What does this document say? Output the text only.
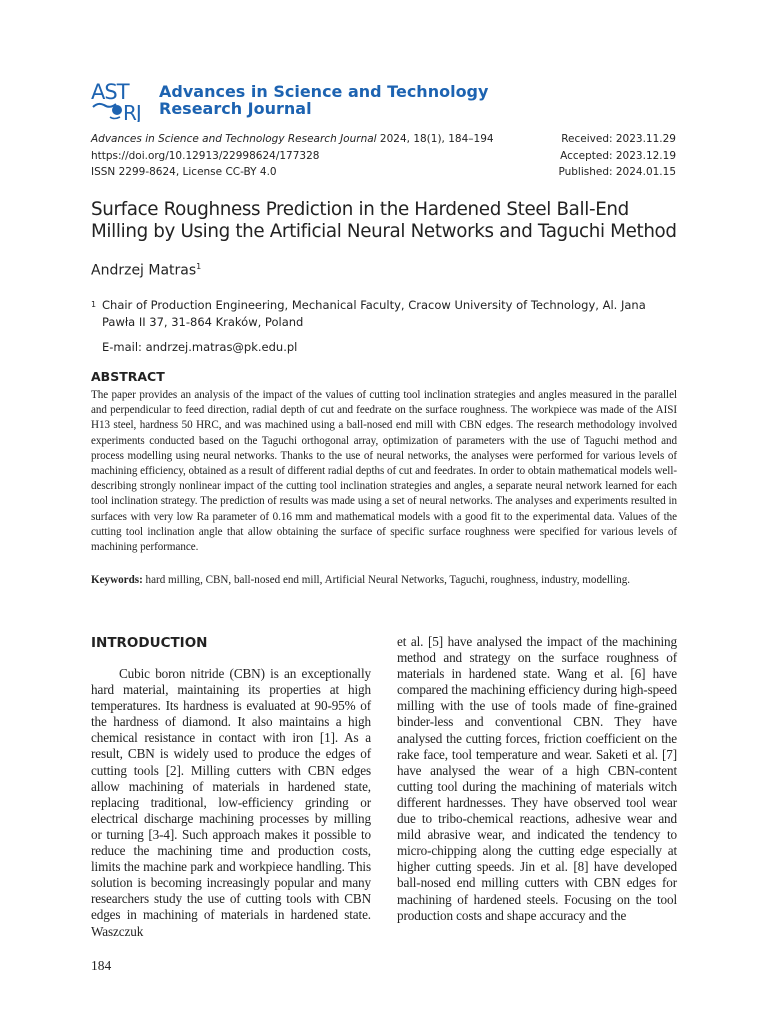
AST
RJ
Advances in Science and Technology
Research Journal
Advances in Science and Technology Research Journal 2024, 18(1), 184–194
https://doi.org/10.12913/22998624/177328
ISSN 2299-8624, License CC-BY 4.0
Received: 2023.11.29
Accepted: 2023.12.19
Published: 2024.01.15
Surface Roughness Prediction in the Hardened Steel Ball-End Milling by Using the Artificial Neural Networks and Taguchi Method
Andrzej Matras$^1$
1 Chair of Production Engineering, Mechanical Faculty, Cracow University of Technology, Al. Jana Pawła II 37, 31-864 Kraków, Poland
E-mail: andrzej.matras@pk.edu.pl
ABSTRACT
The paper provides an analysis of the impact of the values of cutting tool inclination strategies and angles measured in the parallel and perpendicular to feed direction, radial depth of cut and feedrate on the surface roughness. The workpiece was made of the AISI H13 steel, hardness 50 HRC, and was machined using a ball-nosed end mill with CBN edges. The research methodology involved experiments conducted based on the Taguchi orthogonal array, optimization of parameters with the use of Taguchi method and process modelling using neural networks. Thanks to the use of neural networks, the analyses were performed for various levels of machining efficiency, obtained as a result of different radial depths of cut and feedrates. In order to obtain mathematical models well-describing strongly nonlinear impact of the cutting tool inclination strategies and angles, a separate neural network learned for each tool inclination strategy. The prediction of results was made using a set of neural networks. The analyses and experiments resulted in surfaces with very low Ra parameter of 0.16 mm and mathematical models with a good fit to the experimental data. Values of the cutting tool inclination angle that allow obtaining the surface of specific surface roughness were specified for various levels of machining performance.
Keywords: hard milling, CBN, ball-nosed end mill, Artificial Neural Networks, Taguchi, roughness, industry, modelling.
INTRODUCTION
Cubic boron nitride (CBN) is an exceptionally hard material, maintaining its properties at high temperatures. Its hardness is evaluated at 90-95% of the hardness of diamond. It also maintains a high chemical resistance in contact with iron [1]. As a result, CBN is widely used to produce the edges of cutting tools [2]. Milling cutters with CBN edges allow machining of materials in hardened state, replacing traditional, low-efficiency grinding or electrical discharge machining processes by milling or turning [3-4]. Such approach makes it possible to reduce the machining time and production costs, limits the machine park and workpiece handling. This solution is becoming increasingly popular and many researchers study the use of cutting tools with CBN edges in machining of materials in hardened state. Waszczuk
et al. [5] have analysed the impact of the machining method and strategy on the surface roughness of materials in hardened state. Wang et al. [6] have compared the machining efficiency during high-speed milling with the use of tools made of fine-grained binder-less and conventional CBN. They have analysed the cutting forces, friction coefficient on the rake face, tool temperature and wear. Saketi et al. [7] have analysed the wear of a high CBN-content cutting tool during the machining of materials witch different hardnesses. They have observed tool wear due to tribo-chemical reactions, adhesive wear and mild abrasive wear, and indicated the tendency to micro-chipping along the cutting edge especially at higher cutting speeds. Jin et al. [8] have developed ball-nosed end milling cutters with CBN edges for machining of hardened steels. Focusing on the tool production costs and shape accuracy and the
184
